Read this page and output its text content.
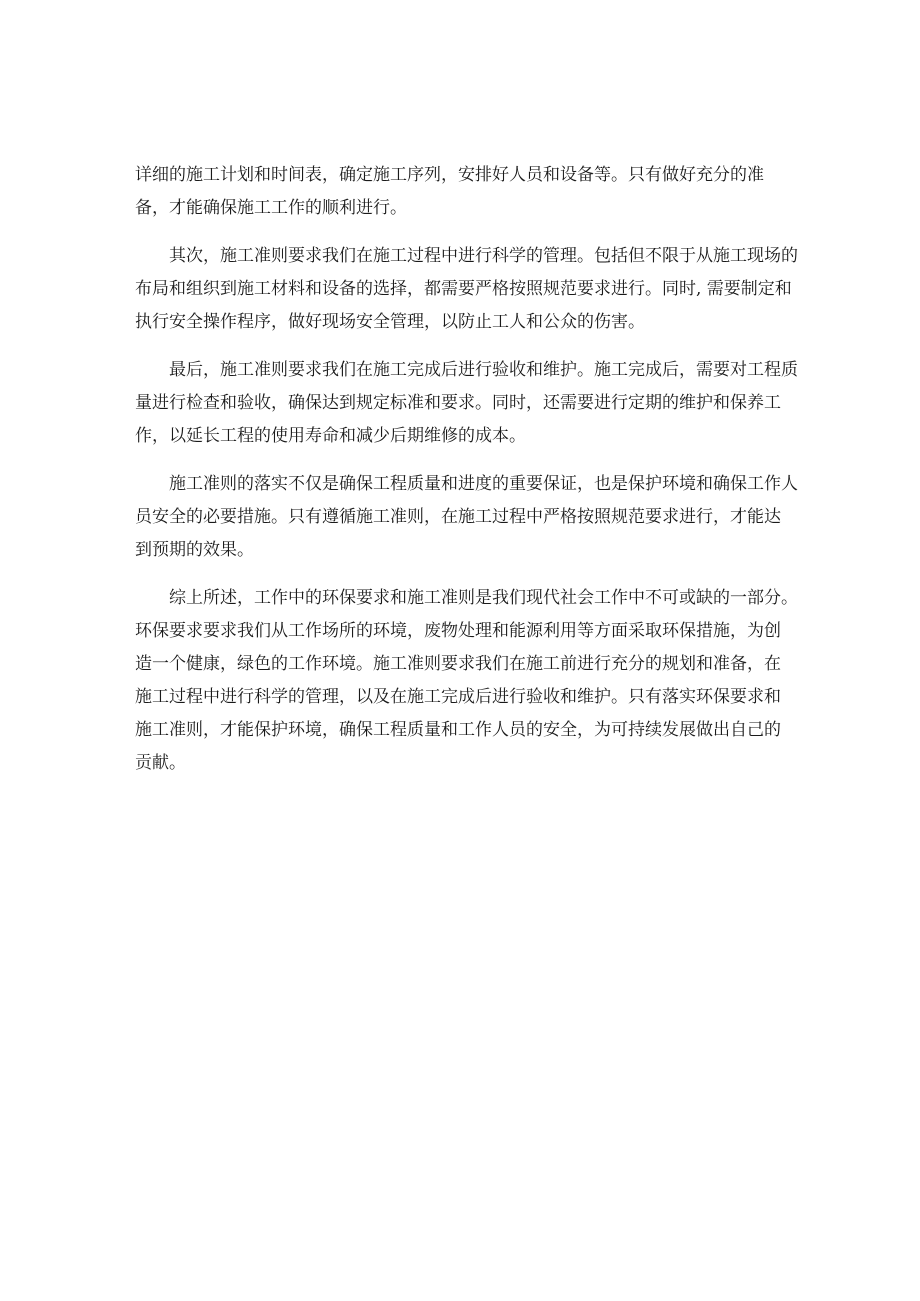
详细的施工计划和时间表，确定施工序列，安排好人员和设备等。只有做好充分的准
备，才能确保施工工作的顺利进行。
　　其次，施工准则要求我们在施工过程中进行科学的管理。包括但不限于从施工现场的
布局和组织到施工材料和设备的选择，都需要严格按照规范要求进行。同时, 需要制定和
执行安全操作程序，做好现场安全管理，以防止工人和公众的伤害。
　　最后，施工准则要求我们在施工完成后进行验收和维护。施工完成后，需要对工程质
量进行检查和验收，确保达到规定标准和要求。同时，还需要进行定期的维护和保养工
作，以延长工程的使用寿命和减少后期维修的成本。
　　施工准则的落实不仅是确保工程质量和进度的重要保证，也是保护环境和确保工作人
员安全的必要措施。只有遵循施工准则，在施工过程中严格按照规范要求进行，才能达
到预期的效果。
　　综上所述，工作中的环保要求和施工准则是我们现代社会工作中不可或缺的一部分。
环保要求要求我们从工作场所的环境，废物处理和能源利用等方面采取环保措施，为创
造一个健康，绿色的工作环境。施工准则要求我们在施工前进行充分的规划和准备，在
施工过程中进行科学的管理，以及在施工完成后进行验收和维护。只有落实环保要求和
施工准则，才能保护环境，确保工程质量和工作人员的安全，为可持续发展做出自己的
贡献。
